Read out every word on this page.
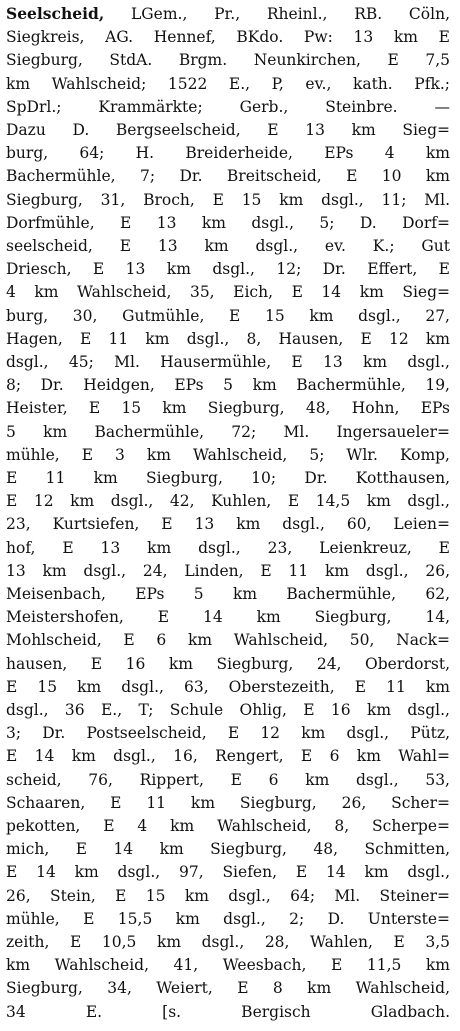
Seelscheid, LGem., Pr., Rheinl., RB. Cöln,
Siegkreis, AG. Hennef, BKdo. Pw: 13 km E
Siegburg, StdA. Brgm. Neunkirchen, E 7,5
km Wahlscheid; 1522 E., P, ev., kath. Pfk.;
SpDrl.; Krammärkte; Gerb., Steinbre. —
Dazu D. Bergseelscheid, E 13 km Sieg=
burg, 64; H. Breiderheide, EPs 4 km
Bachermühle, 7; Dr. Breitscheid, E 10 km
Siegburg, 31, Broch, E 15 km dsgl., 11; Ml.
Dorfmühle, E 13 km dsgl., 5; D. Dorf=
seelscheid, E 13 km dsgl., ev. K.; Gut
Driesch, E 13 km dsgl., 12; Dr. Effert, E
4 km Wahlscheid, 35, Eich, E 14 km Sieg=
burg, 30, Gutmühle, E 15 km dsgl., 27,
Hagen, E 11 km dsgl., 8, Hausen, E 12 km
dsgl., 45; Ml. Hausermühle, E 13 km dsgl.,
8; Dr. Heidgen, EPs 5 km Bachermühle, 19,
Heister, E 15 km Siegburg, 48, Hohn, EPs
5 km Bachermühle, 72; Ml. Ingersaueler=
mühle, E 3 km Wahlscheid, 5; Wlr. Komp,
E 11 km Siegburg, 10; Dr. Kotthausen,
E 12 km dsgl., 42, Kuhlen, E 14,5 km dsgl.,
23, Kurtsiefen, E 13 km dsgl., 60, Leien=
hof, E 13 km dsgl., 23, Leienkreuz, E
13 km dsgl., 24, Linden, E 11 km dsgl., 26,
Meisenbach, EPs 5 km Bachermühle, 62,
Meistershofen, E 14 km Siegburg, 14,
Mohlscheid, E 6 km Wahlscheid, 50, Nack=
hausen, E 16 km Siegburg, 24, Oberdorst,
E 15 km dsgl., 63, Oberstezeith, E 11 km
dsgl., 36 E., T; Schule Ohlig, E 16 km dsgl.,
3; Dr. Postseelscheid, E 12 km dsgl., Pütz,
E 14 km dsgl., 16, Rengert, E 6 km Wahl=
scheid, 76, Rippert, E 6 km dsgl., 53,
Schaaren, E 11 km Siegburg, 26, Scher=
pekotten, E 4 km Wahlscheid, 8, Scherpe=
mich, E 14 km Siegburg, 48, Schmitten,
E 14 km dsgl., 97, Siefen, E 14 km dsgl.,
26, Stein, E 15 km dsgl., 64; Ml. Steiner=
mühle, E 15,5 km dsgl., 2; D. Unterste=
zeith, E 10,5 km dsgl., 28, Wahlen, E 3,5
km Wahlscheid, 41, Weesbach, E 11,5 km
Siegburg, 34, Weiert, E 8 km Wahlscheid,
34 E. [s. Bergisch Gladbach.
